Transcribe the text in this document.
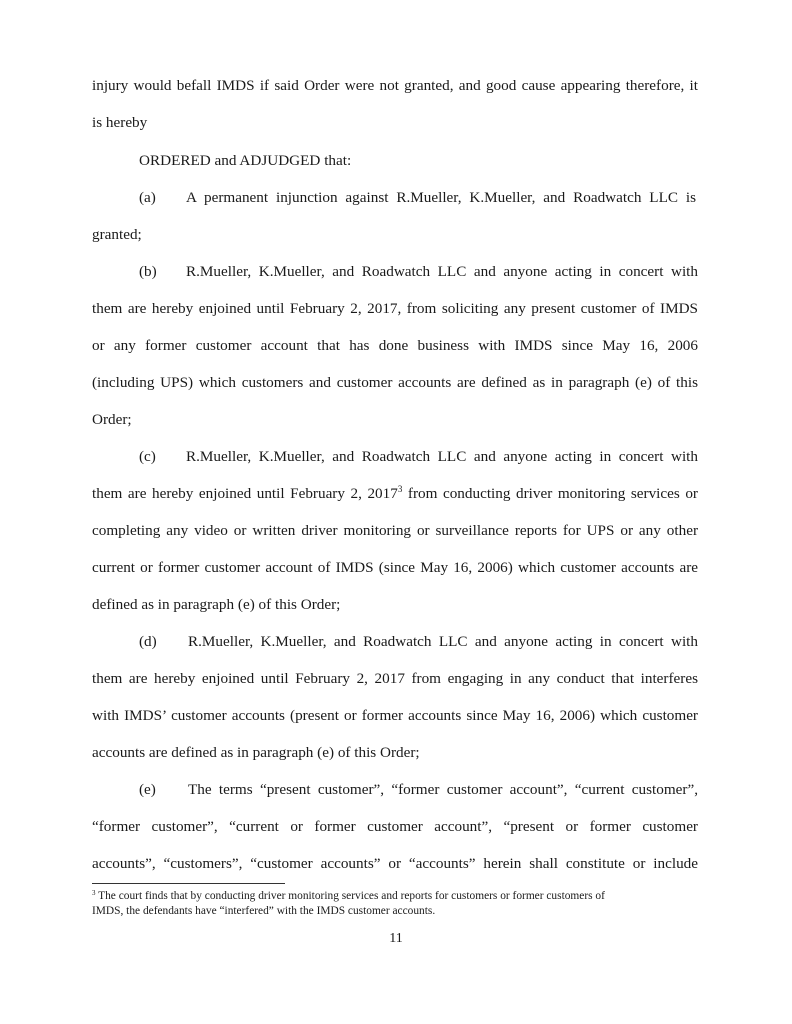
injury would befall IMDS if said Order were not granted, and good cause appearing therefore, it
is hereby
ORDERED and ADJUDGED that:
(a) A permanent injunction against R.Mueller, K.Mueller, and Roadwatch LLC is
granted;
(b) R.Mueller, K.Mueller, and Roadwatch LLC and anyone acting in concert with
them are hereby enjoined until February 2, 2017, from soliciting any present customer of IMDS
or any former customer account that has done business with IMDS since May 16, 2006
(including UPS) which customers and customer accounts are defined as in paragraph (e) of this
Order;
(c) R.Mueller, K.Mueller, and Roadwatch LLC and anyone acting in concert with
them are hereby enjoined until February 2, 2017$^3$ from conducting driver monitoring services or
completing any video or written driver monitoring or surveillance reports for UPS or any other
current or former customer account of IMDS (since May 16, 2006) which customer accounts are
defined as in paragraph (e) of this Order;
(d) R.Mueller, K.Mueller, and Roadwatch LLC and anyone acting in concert with
them are hereby enjoined until February 2, 2017 from engaging in any conduct that interferes
with IMDS’ customer accounts (present or former accounts since May 16, 2006) which customer
accounts are defined as in paragraph (e) of this Order;
(e) The terms “present customer”, “former customer account”, “current customer”,
“former customer”, “current or former customer account”, “present or former customer
accounts”, “customers”, “customer accounts” or “accounts” herein shall constitute or include
$^3$ The court finds that by conducting driver monitoring services and reports for customers or former customers of
IMDS, the defendants have “interfered” with the IMDS customer accounts.
11
